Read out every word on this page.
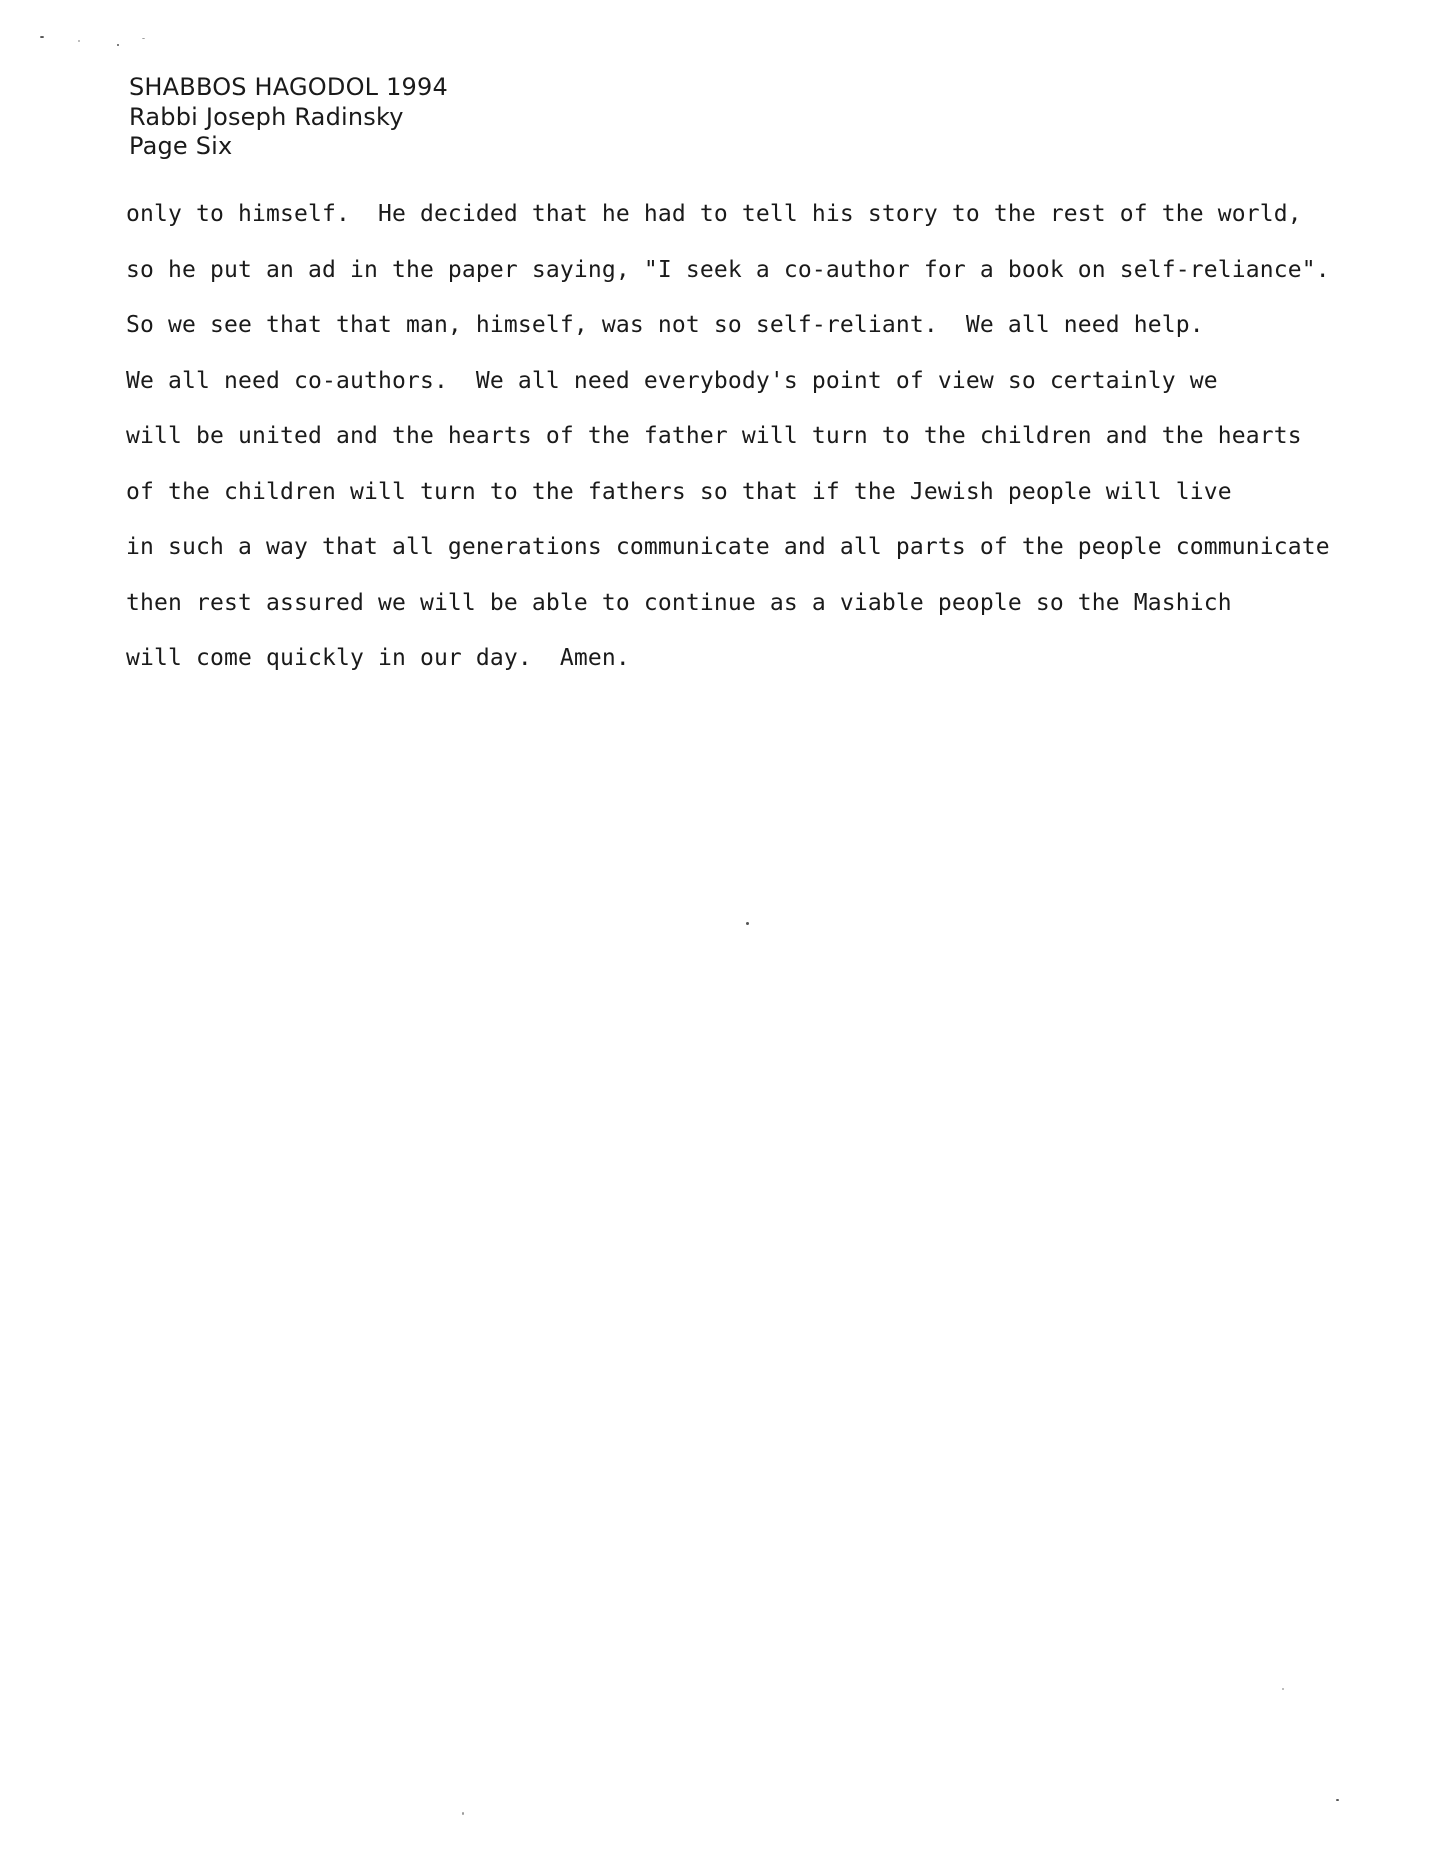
SHABBOS HAGODOL 1994
Rabbi Joseph Radinsky
Page Six
only to himself.  He decided that he had to tell his story to the rest of the world,
so he put an ad in the paper saying, "I seek a co-author for a book on self-reliance".
So we see that that man, himself, was not so self-reliant.  We all need help.
We all need co-authors.  We all need everybody's point of view so certainly we
will be united and the hearts of the father will turn to the children and the hearts
of the children will turn to the fathers so that if the Jewish people will live
in such a way that all generations communicate and all parts of the people communicate
then rest assured we will be able to continue as a viable people so the Mashich
will come quickly in our day.  Amen.
